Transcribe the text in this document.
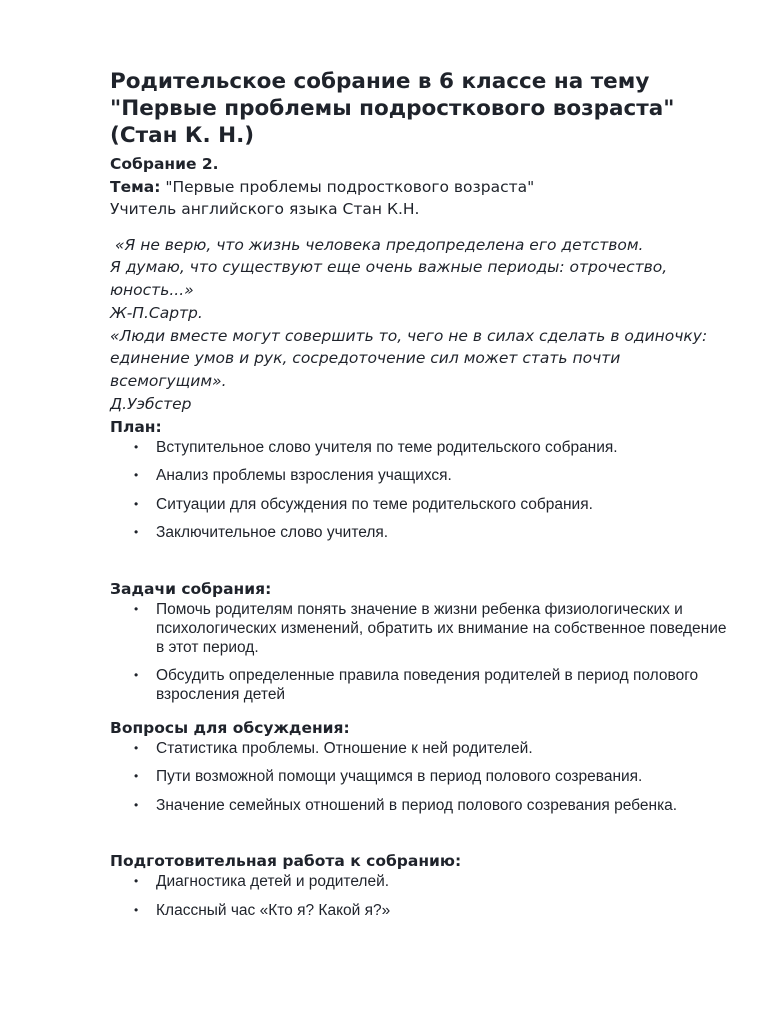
Родительское собрание в 6 классе на тему "Первые проблемы подросткового возраста" (Стан К. Н.)
Собрание 2.
Тема: "Первые проблемы подросткового возраста"
Учитель английского языка Стан К.Н.
«Я не верю, что жизнь человека предопределена его детством.
Я думаю, что существуют еще очень важные периоды: отрочество, юность...»
Ж-П.Сартр.
«Люди вместе могут совершить то, чего не в силах сделать в одиночку: единение умов и рук, сосредоточение сил может стать почти всемогущим».
Д.Уэбстер
План:
• Вступительное слово учителя по теме родительского собрания.
• Анализ проблемы взросления учащихся.
• Ситуации для обсуждения по теме родительского собрания.
• Заключительное слово учителя.
Задачи собрания:
• Помочь родителям понять значение в жизни ребенка физиологических и психологических изменений, обратить их внимание на собственное поведение в этот период.
• Обсудить определенные правила поведения родителей в период полового взросления детей
Вопросы для обсуждения:
• Статистика проблемы. Отношение к ней родителей.
• Пути возможной помощи учащимся в период полового созревания.
• Значение семейных отношений в период полового созревания ребенка.
Подготовительная работа к собранию:
• Диагностика детей и родителей.
• Классный час «Кто я? Какой я?»
